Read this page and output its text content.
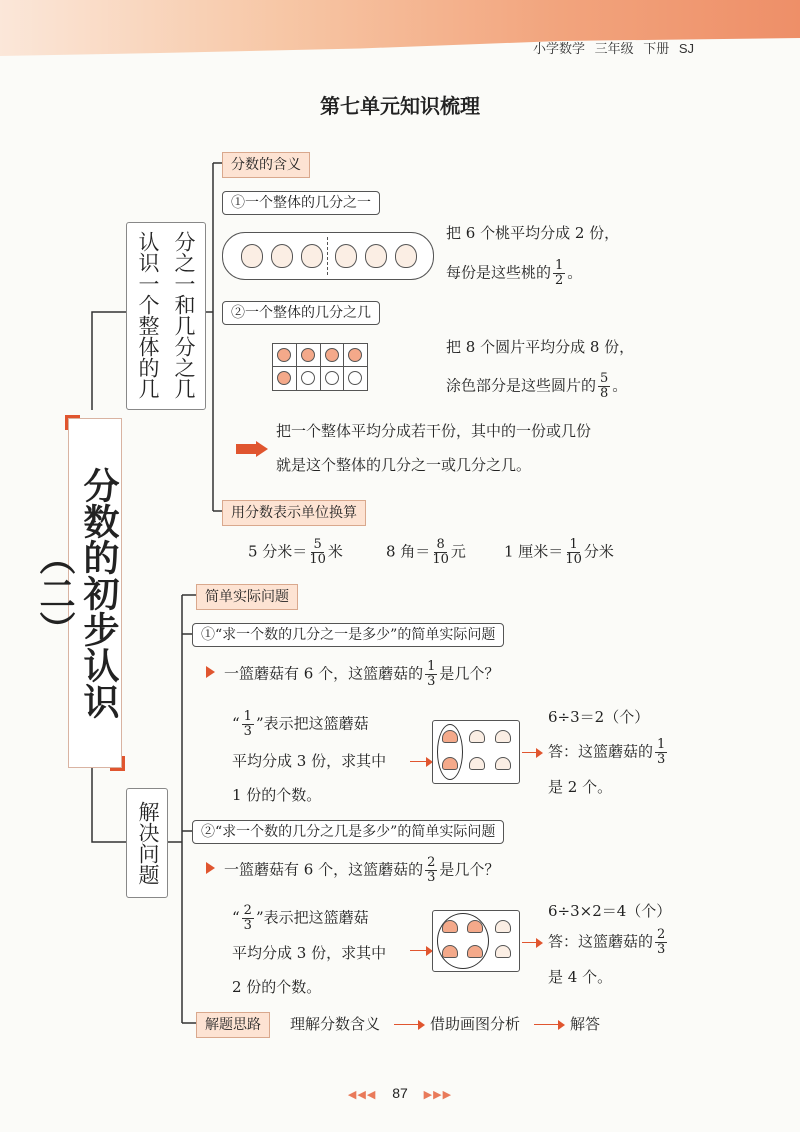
小学数学 三年级 下册 SJ
第七单元知识梳理
分数的初步认识（二）
认识一个整体的几
分之一和几分之几
解决问题
分数的含义
①一个整体的几分之一
把 6 个桃平均分成 2 份，
每份是这些桃的 $\frac{1}{2}$ 。
②一个整体的几分之几
把 8 个圆片平均分成 8 份，
涂色部分是这些圆片的 $\frac{5}{8}$ 。
把一个整体平均分成若干份，其中的一份或几份
就是这个整体的几分之一或几分之几。
用分数表示单位换算
5 分米＝ $\frac{5}{10}$ 米	8 角＝ $\frac{8}{10}$ 元	1 厘米＝ $\frac{1}{10}$ 分米
简单实际问题
①“求一个数的几分之一是多少”的简单实际问题
一篮蘑菇有 6 个，这篮蘑菇的 $\frac{1}{3}$ 是几个？
“ $\frac{1}{3}$ ”表示把这篮蘑菇
平均分成 3 份，求其中
1 份的个数。
6÷3＝2（个）
答：这篮蘑菇的 $\frac{1}{3}$
是 2 个。
②“求一个数的几分之几是多少”的简单实际问题
一篮蘑菇有 6 个，这篮蘑菇的 $\frac{2}{3}$ 是几个？
“ $\frac{2}{3}$ ”表示把这篮蘑菇
平均分成 3 份，求其中
2 份的个数。
6÷3×2＝4（个）
答：这篮蘑菇的 $\frac{2}{3}$
是 4 个。
解题思路	理解分数含义	借助画图分析	解答
◀◀◀ 87 ▶▶▶
